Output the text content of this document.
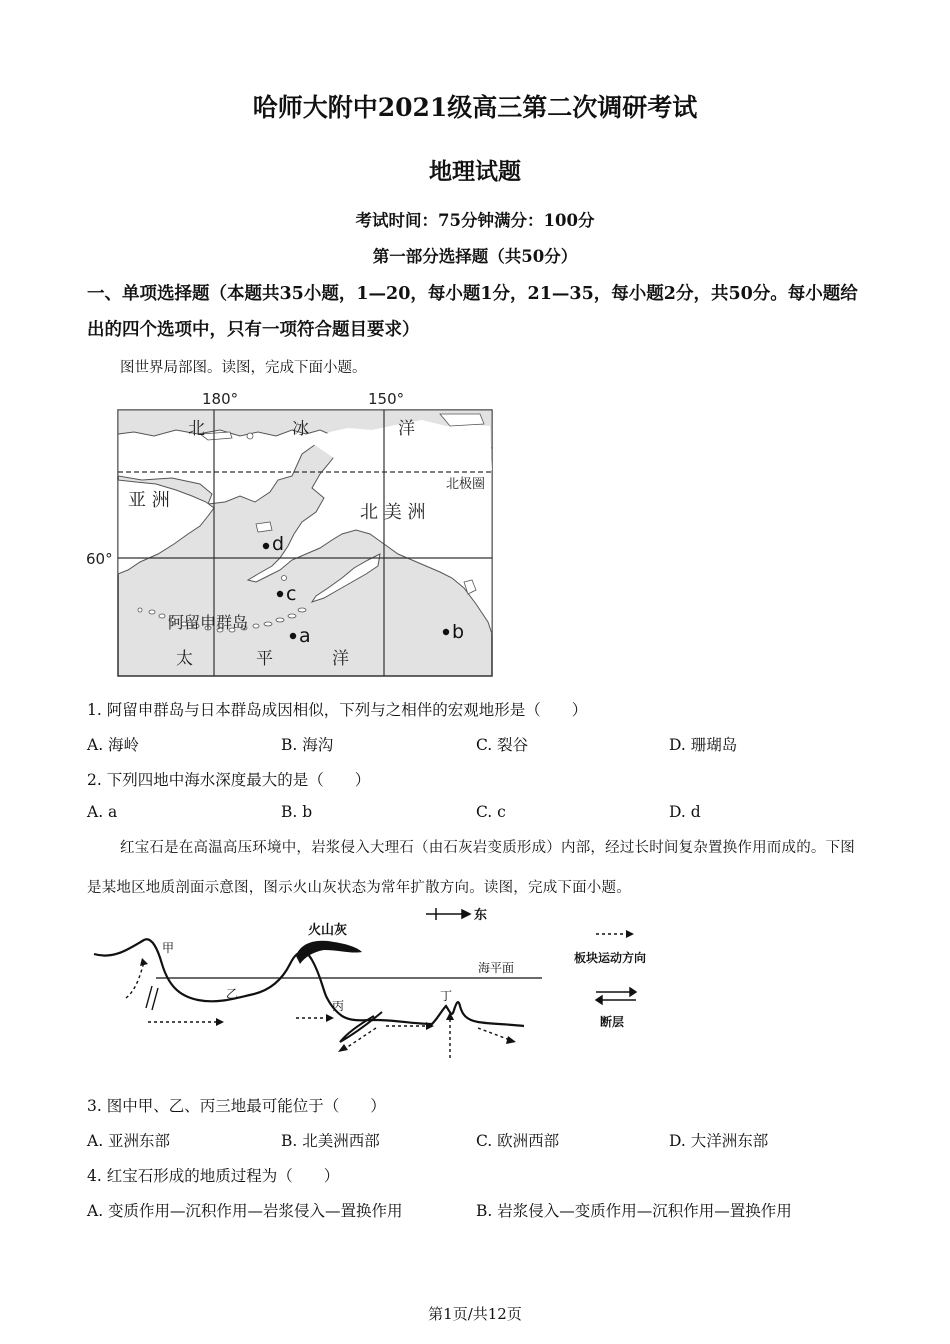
哈师大附中2021级高三第二次调研考试
地理试题
考试时间：75分钟满分：100分
第一部分选择题（共50分）
一、单项选择题（本题共35小题，1—20，每小题1分，21—35，每小题2分，共50分。每小题给出的四个选项中，只有一项符合题目要求）
图世界局部图。读图，完成下面小题。
180°	150°
60°
北	冰	洋
北极圈
亚 洲
北 美 洲
阿留申群岛
太	平	洋
d
c
a	b
1. 阿留申群岛与日本群岛成因相似，下列与之相伴的宏观地形是（　　）
A. 海岭	B. 海沟	C. 裂谷	D. 珊瑚岛
2. 下列四地中海水深度最大的是（　　）
A. a	B. b	C. c	D. d
红宝石是在高温高压环境中，岩浆侵入大理石（由石灰岩变质形成）内部，经过长时间复杂置换作用而成的。下图是某地区地质剖面示意图，图示火山灰状态为常年扩散方向。读图，完成下面小题。
东
海平面
火山灰
甲
乙
丙
丁
板块运动方向
断层
3. 图中甲、乙、丙三地最可能位于（　　）
A. 亚洲东部	B. 北美洲西部	C. 欧洲西部	D. 大洋洲东部
4. 红宝石形成的地质过程为（　　）
A. 变质作用—沉积作用—岩浆侵入—置换作用	B. 岩浆侵入—变质作用—沉积作用—置换作用
第1页/共12页
